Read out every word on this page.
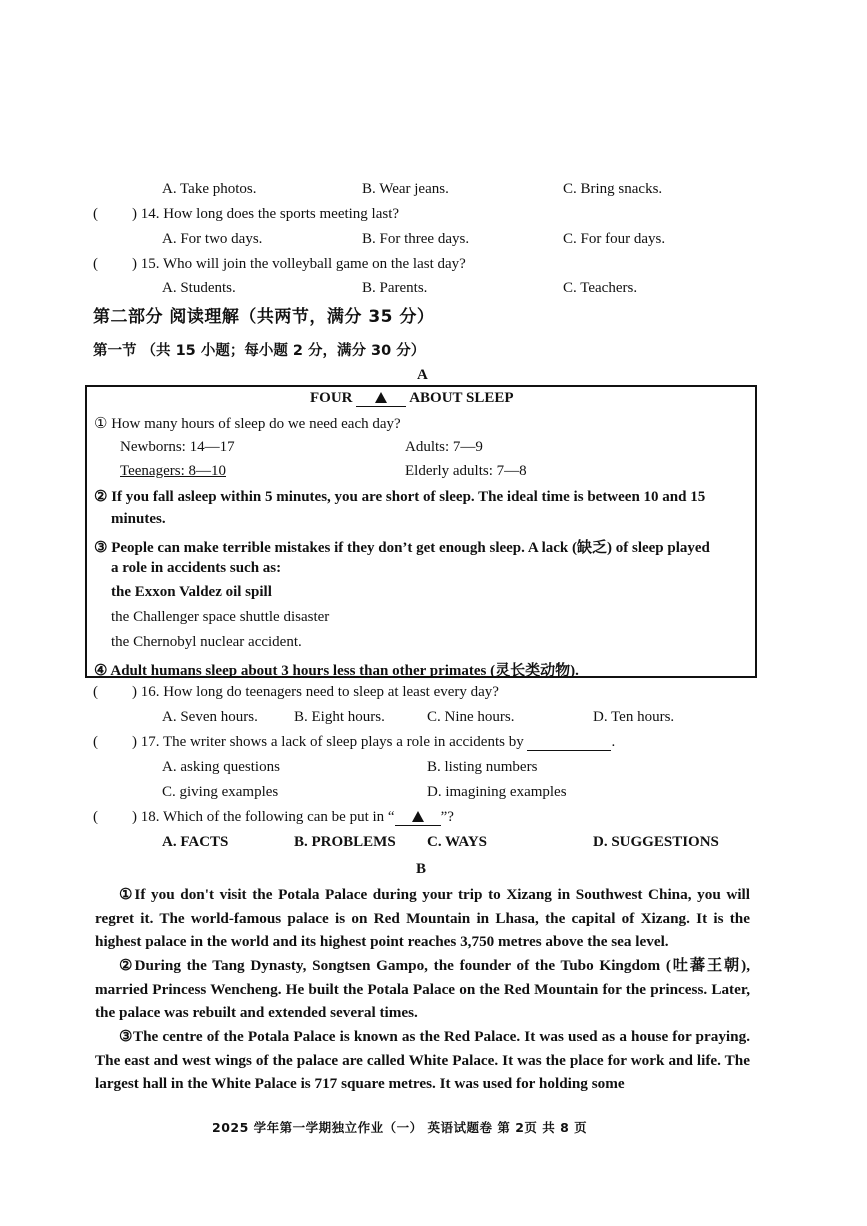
A. Take photos.	B. Wear jeans.	C. Bring snacks.
( ) 14. How long does the sports meeting last?
A. For two days.	B. For three days.	C. For four days.
( ) 15. Who will join the volleyball game on the last day?
A. Students.	B. Parents.	C. Teachers.
第二部分 阅读理解（共两节，满分 35 分）
第一节 （共 15 小题；每小题 2 分，满分 30 分）
A
FOUR	ABOUT SLEEP
① How many hours of sleep do we need each day?
Newborns: 14—17	Adults: 7—9
Teenagers: 8—10	Elderly adults: 7—8
② If you fall asleep within 5 minutes, you are short of sleep. The ideal time is between 10 and 15
minutes.
③ People can make terrible mistakes if they don’t get enough sleep. A lack (缺乏) of sleep played
a role in accidents such as:
the Exxon Valdez oil spill
the Challenger space shuttle disaster
the Chernobyl nuclear accident.
④ Adult humans sleep about 3 hours less than other primates (灵长类动物).
( ) 16. How long do teenagers need to sleep at least every day?
A. Seven hours. B. Eight hours.	C. Nine hours.	D. Ten hours.
( ) 17. The writer shows a lack of sleep plays a role in accidents by	.
A. asking questions	B. listing numbers
C. giving examples	D. imagining examples
( ) 18. Which of the following can be put in “	”?
A. FACTS	B. PROBLEMS C. WAYS	D. SUGGESTIONS
B
①If you don't visit the Potala Palace during your trip to Xizang in Southwest China, you will regret it. The world-famous palace is on Red Mountain in Lhasa, the capital of Xizang. It is the highest palace in the world and its highest point reaches 3,750 metres above the sea level.
②During the Tang Dynasty, Songtsen Gampo, the founder of the Tubo Kingdom (吐蕃王朝), married Princess Wencheng. He built the Potala Palace on the Red Mountain for the princess. Later, the palace was rebuilt and extended several times.
③The centre of the Potala Palace is known as the Red Palace. It was used as a house for praying. The east and west wings of the palace are called White Palace. It was the place for work and life. The largest hall in the White Palace is 717 square metres. It was used for holding some
2025 学年第一学期独立作业（一） 英语试题卷 第 2页 共 8 页
